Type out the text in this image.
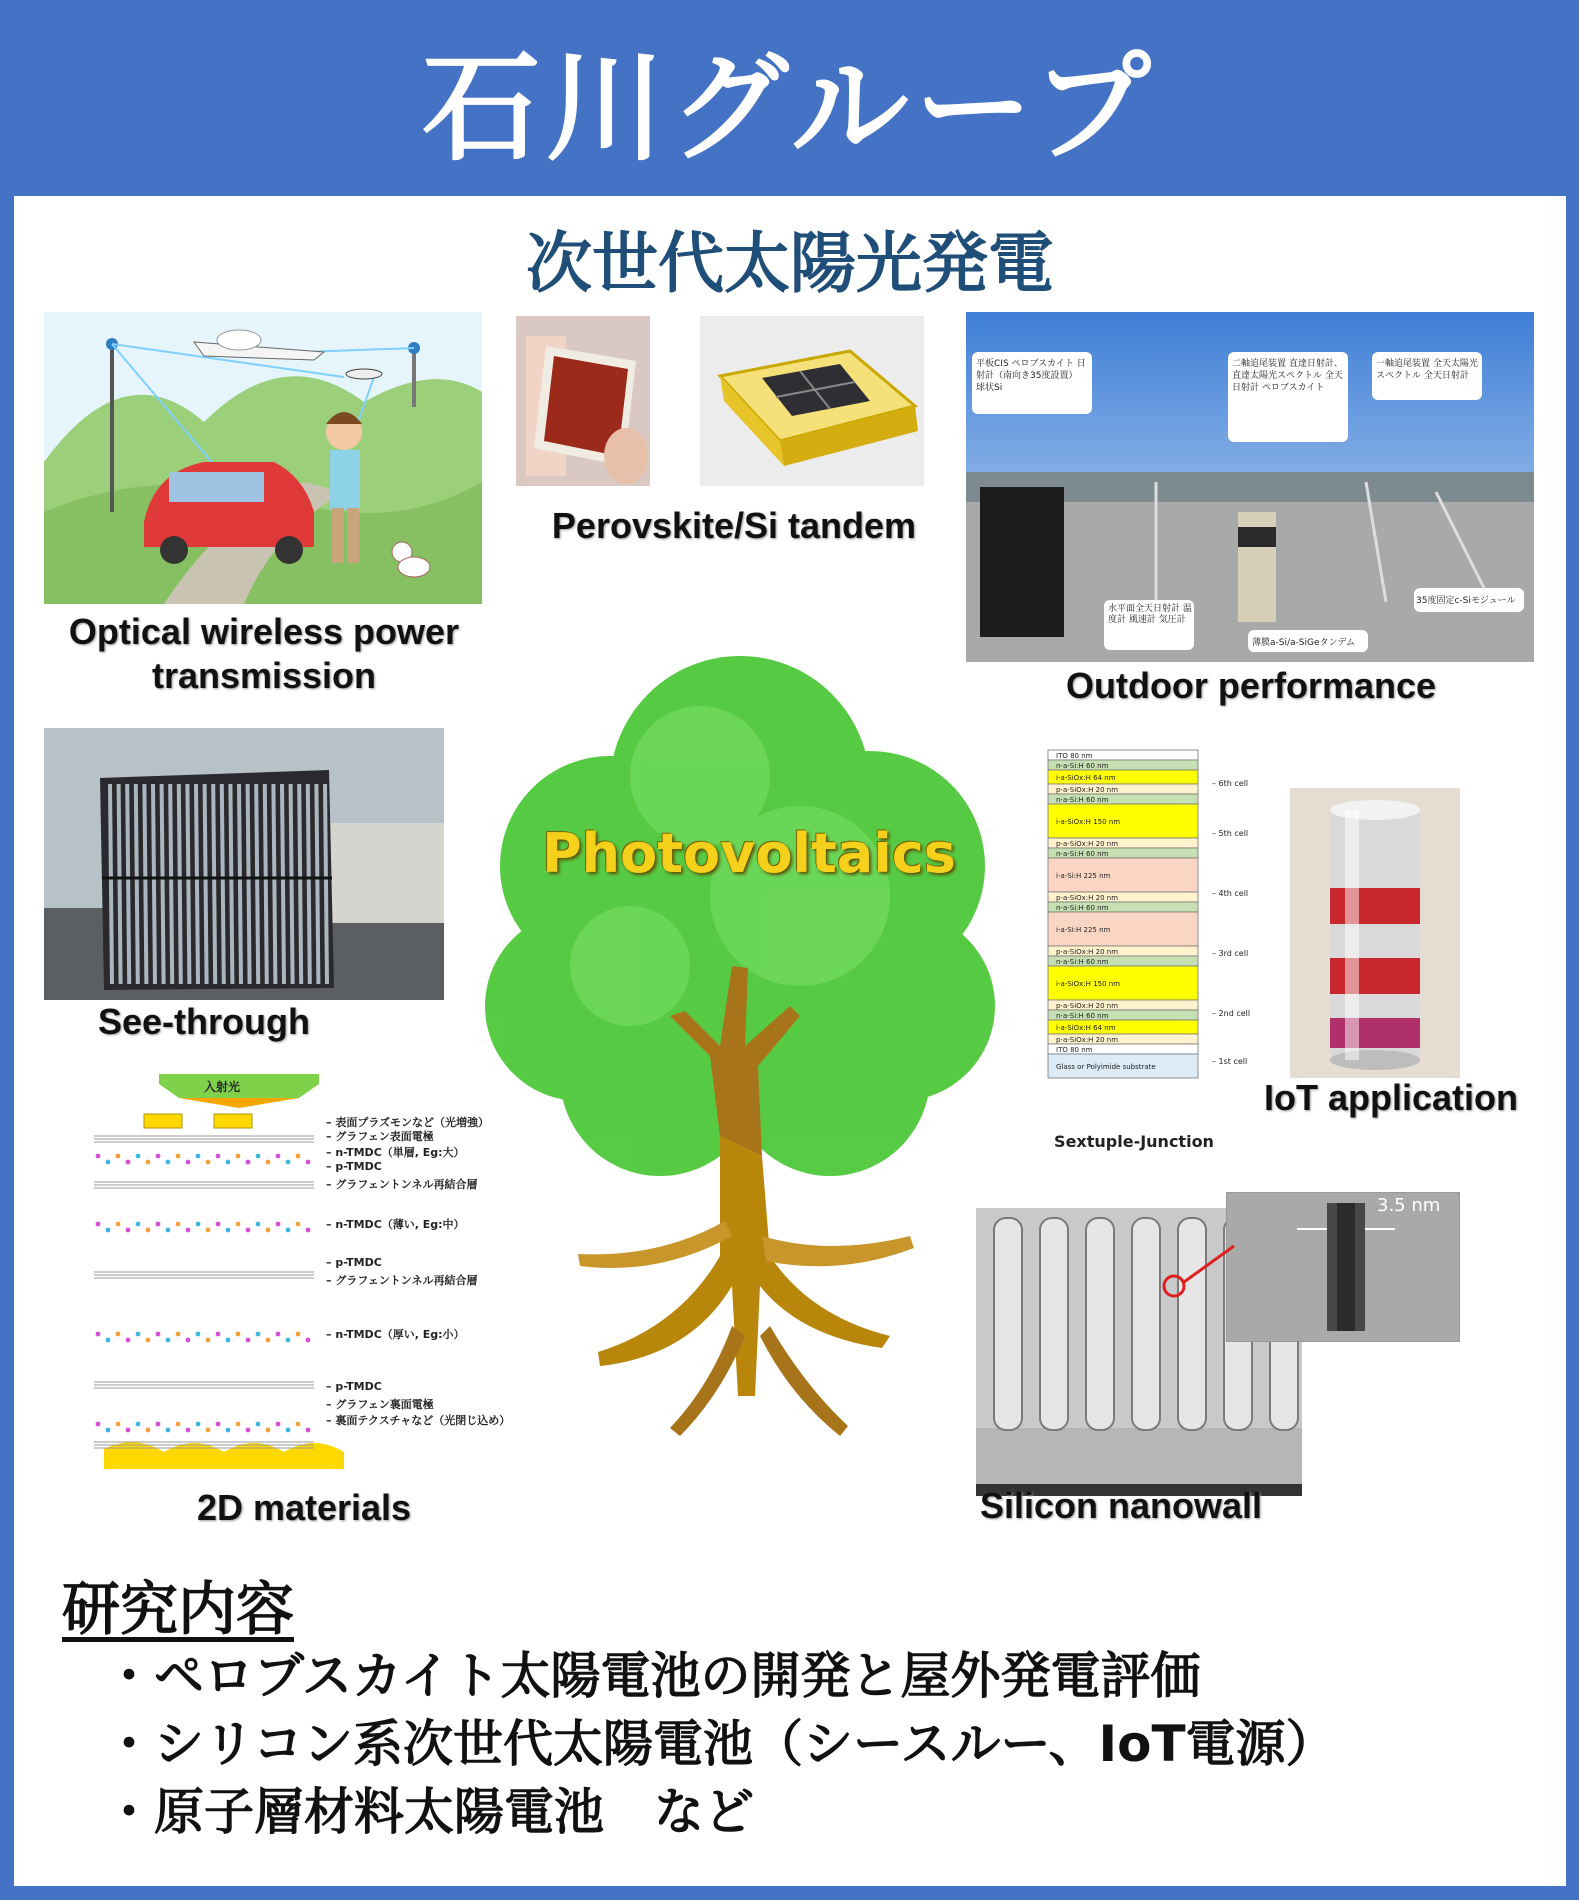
石川グループ
次世代太陽光発電
Optical wireless power transmission
Perovskite/Si tandem
平板CIS ペロブスカイト 日射計（南向き35度設置） 球状Si
二軸追尾装置 直達日射計、直達太陽光スペクトル 全天日射計 ペロブスカイト
一軸追尾装置 全天太陽光スペクトル 全天日射計
水平面全天日射計 温度計 風速計 気圧計
35度固定c-Siモジュール
薄膜a-Si/a-SiGeタンデム
Outdoor performance
See-through
Photovoltaics
ITO 80 nm
n-a-Si:H 60 nm
i-a-SiOx:H 64 nm
p-a-SiOx:H 20 nm
n-a-Si:H 60 nm
i-a-SiOx:H 150 nm
p-a-SiOx:H 20 nm
n-a-Si:H 60 nm
i-a-Si:H 225 nm
p-a-SiOx:H 20 nm
n-a-Si:H 60 nm
i-a-Si:H 225 nm
p-a-SiOx:H 20 nm
n-a-Si:H 60 nm
i-a-SiOx:H 150 nm
p-a-SiOx:H 20 nm
n-a-Si:H 60 nm
i-a-SiOx:H 64 nm
p-a-SiOx:H 20 nm
ITO 80 nm
Glass or Polyimide substrate
– 6th cell
– 5th cell
– 4th cell
– 3rd cell
– 2nd cell
– 1st cell
Sextuple-Junction
IoT application
入射光
– 表面プラズモンなど（光増強）
– グラフェン表面電極
– n-TMDC（単層, Eg:大）
– p-TMDC
– グラフェントンネル再結合層
– n-TMDC（薄い, Eg:中）
– p-TMDC
– グラフェントンネル再結合層
– n-TMDC（厚い, Eg:小）
– p-TMDC
– グラフェン裏面電極
– 裏面テクスチャなど（光閉じ込め）
2D materials
3.5 nm
Silicon nanowall
研究内容
・ ペロブスカイト太陽電池の開発と屋外発電評価
・ シリコン系次世代太陽電池（シースルー、IoT電源）
・ 原子層材料太陽電池　など
